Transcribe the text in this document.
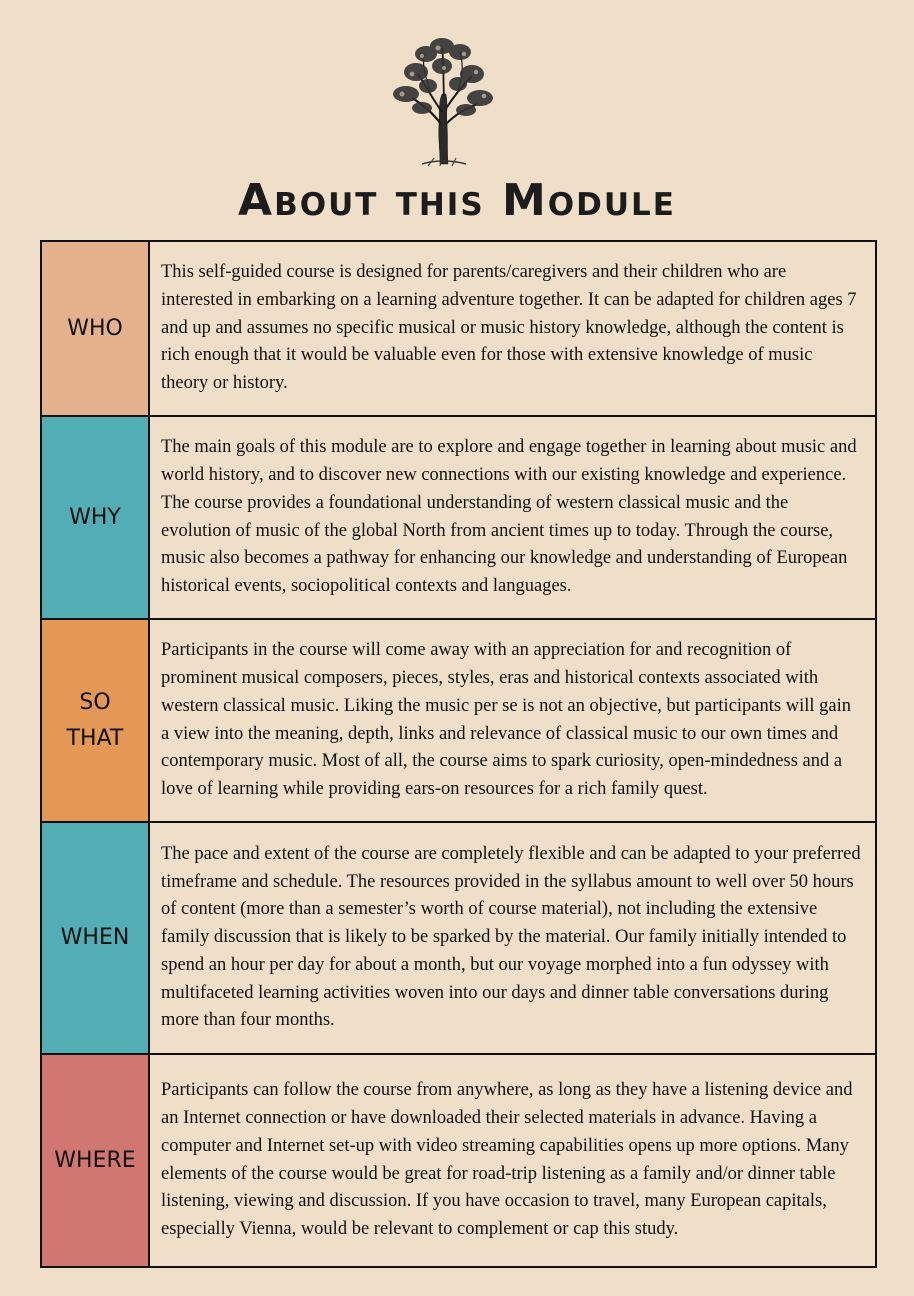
About this Module
WHO
This self-guided course is designed for parents/caregivers and their children who are interested in embarking on a learning adventure together. It can be adapted for children ages 7 and up and assumes no specific musical or music history knowledge, although the content is rich enough that it would be valuable even for those with extensive knowledge of music theory or history.
WHY
The main goals of this module are to explore and engage together in learning about music and world history, and to discover new connections with our existing knowledge and experience. The course provides a foundational understanding of western classical music and the evolution of music of the global North from ancient times up to today. Through the course, music also becomes a pathway for enhancing our knowledge and understanding of European historical events, sociopolitical contexts and languages.
SO THAT
Participants in the course will come away with an appreciation for and recognition of prominent musical composers, pieces, styles, eras and historical contexts associated with western classical music. Liking the music per se is not an objective, but participants will gain a view into the meaning, depth, links and relevance of classical music to our own times and contemporary music. Most of all, the course aims to spark curiosity, open-mindedness and a love of learning while providing ears-on resources for a rich family quest.
WHEN
The pace and extent of the course are completely flexible and can be adapted to your preferred timeframe and schedule. The resources provided in the syllabus amount to well over 50 hours of content (more than a semester’s worth of course material), not including the extensive family discussion that is likely to be sparked by the material. Our family initially intended to spend an hour per day for about a month, but our voyage morphed into a fun odyssey with multifaceted learning activities woven into our days and dinner table conversations during more than four months.
WHERE
Participants can follow the course from anywhere, as long as they have a listening device and an Internet connection or have downloaded their selected materials in advance. Having a computer and Internet set-up with video streaming capabilities opens up more options. Many elements of the course would be great for road-trip listening as a family and/or dinner table listening, viewing and discussion. If you have occasion to travel, many European capitals, especially Vienna, would be relevant to complement or cap this study.
